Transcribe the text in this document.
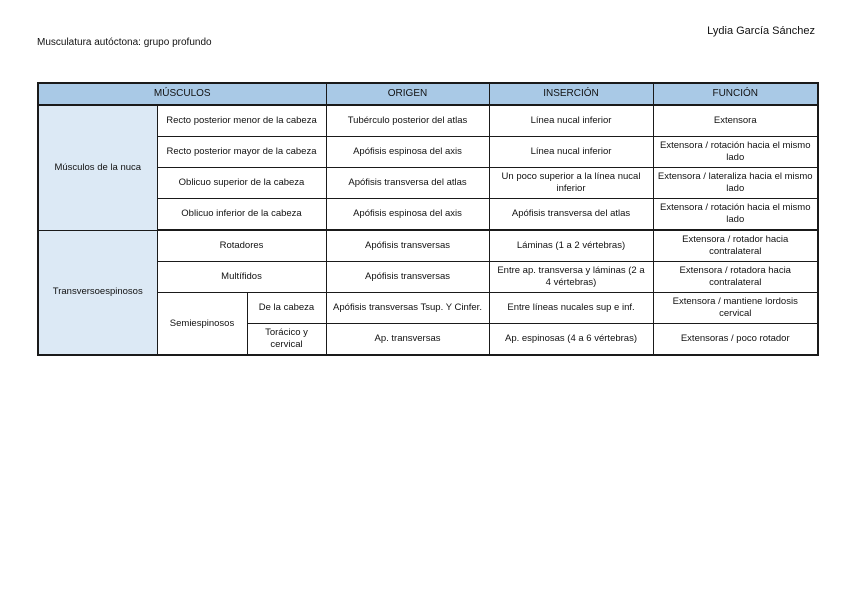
Musculatura autóctona: grupo profundo
Lydia García Sánchez
MÚSCULOS			ORIGEN	INSERCIÓN	FUNCIÓN
Músculos de la nuca	Recto posterior menor de la cabeza		Tubérculo posterior del atlas	Línea nucal inferior	Extensora
	Recto posterior mayor de la cabeza		Apófisis espinosa del axis	Línea nucal inferior	Extensora / rotación hacia el mismo lado
	Oblicuo superior de la cabeza		Apófisis transversa del atlas	Un poco superior a la línea nucal inferior	Extensora / lateraliza hacia el mismo lado
	Oblicuo inferior de la cabeza		Apófisis espinosa del axis	Apófisis transversa del atlas	Extensora / rotación hacia el mismo lado
Transversoespinosos	Rotadores		Apófisis transversas	Láminas (1 a 2 vértebras)	Extensora / rotador hacia contralateral
	Multífidos		Apófisis transversas	Entre ap. transversa y láminas (2 a 4 vértebras)	Extensora / rotadora hacia contralateral
	Semiespinosos	De la cabeza	Apófisis transversas Tsup. Y Cinfer.	Entre líneas nucales sup e inf.	Extensora / mantiene lordosis cervical
		Torácico y cervical	Ap. transversas	Ap. espinosas (4 a 6 vértebras)	Extensoras / poco rotador
